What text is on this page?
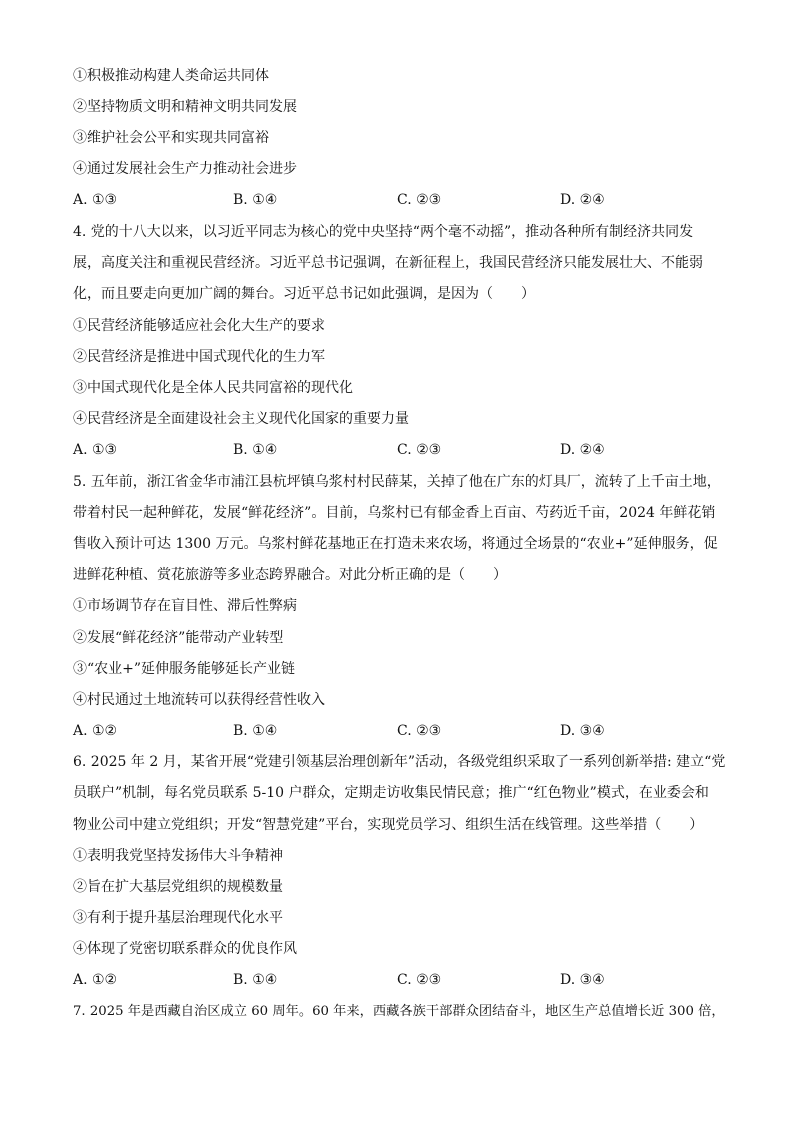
①积极推动构建人类命运共同体
②坚持物质文明和精神文明共同发展
③维护社会公平和实现共同富裕
④通过发展社会生产力推动社会进步
A. ①③	B. ①④	C. ②③	D. ②④
4. 党的十八大以来，以习近平同志为核心的党中央坚持“两个毫不动摇”，推动各种所有制经济共同发
展，高度关注和重视民营经济。习近平总书记强调，在新征程上，我国民营经济只能发展壮大、不能弱
化，而且要走向更加广阔的舞台。习近平总书记如此强调，是因为（　　）
①民营经济能够适应社会化大生产的要求
②民营经济是推进中国式现代化的生力军
③中国式现代化是全体人民共同富裕的现代化
④民营经济是全面建设社会主义现代化国家的重要力量
A. ①③	B. ①④	C. ②③	D. ②④
5. 五年前，浙江省金华市浦江县杭坪镇乌浆村村民薛某，关掉了他在广东的灯具厂，流转了上千亩土地，
带着村民一起种鲜花，发展“鲜花经济”。目前，乌浆村已有郁金香上百亩、芍药近千亩，2024 年鲜花销
售收入预计可达 1300 万元。乌浆村鲜花基地正在打造未来农场，将通过全场景的“农业+”延伸服务，促
进鲜花种植、赏花旅游等多业态跨界融合。对此分析正确的是（　　）
①市场调节存在盲目性、滞后性弊病
②发展“鲜花经济”能带动产业转型
③“农业+”延伸服务能够延长产业链
④村民通过土地流转可以获得经营性收入
A. ①②	B. ①④	C. ②③	D. ③④
6. 2025 年 2 月，某省开展“党建引领基层治理创新年”活动，各级党组织采取了一系列创新举措: 建立“党
员联户”机制，每名党员联系 5-10 户群众，定期走访收集民情民意；推广“红色物业”模式，在业委会和
物业公司中建立党组织；开发“智慧党建”平台，实现党员学习、组织生活在线管理。这些举措（　　）
①表明我党坚持发扬伟大斗争精神
②旨在扩大基层党组织的规模数量
③有利于提升基层治理现代化水平
④体现了党密切联系群众的优良作风
A. ①②	B. ①④	C. ②③	D. ③④
7. 2025 年是西藏自治区成立 60 周年。60 年来，西藏各族干部群众团结奋斗，地区生产总值增长近 300 倍，
